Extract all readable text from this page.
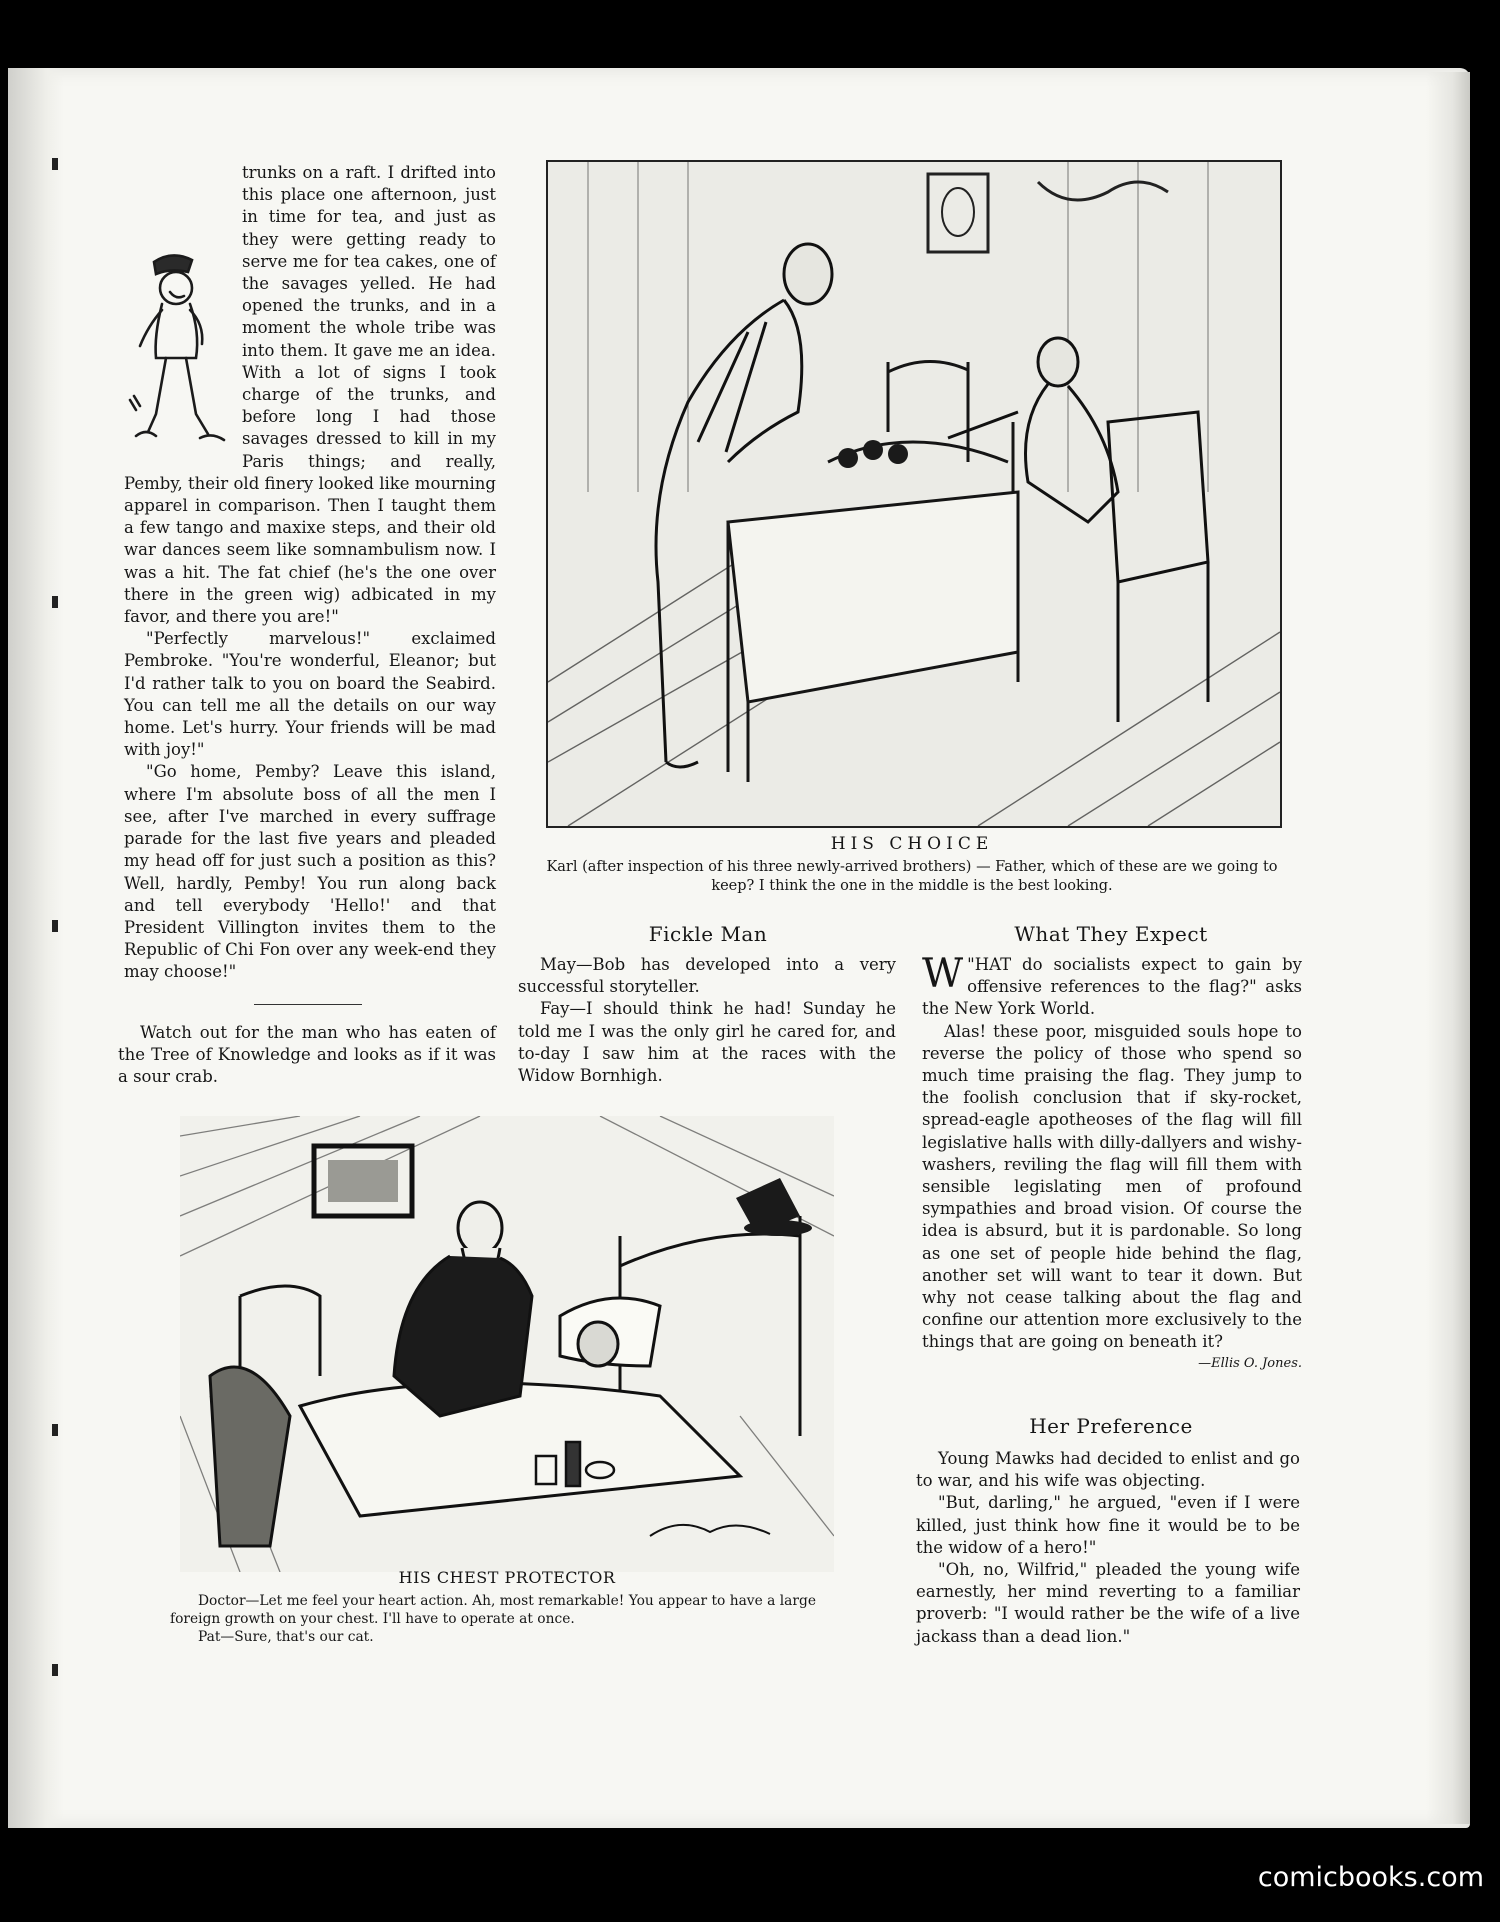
trunks on a raft. I drifted into this place one afternoon, just in time for tea, and just as they were getting ready to serve me for tea cakes, one of the savages yelled. He had opened the trunks, and in a moment the whole tribe was into them. It gave me an idea. With a lot of signs I took charge of the trunks, and before long I had those savages dressed to kill in my Paris things; and really, Pemby, their old finery looked like mourning apparel in comparison. Then I taught them a few tango and maxixe steps, and their old war dances seem like somnambulism now. I was a hit. The fat chief (he's the one over there in the green wig) adbicated in my favor, and there you are!"

"Perfectly marvelous!" exclaimed Pembroke. "You're wonderful, Eleanor; but I'd rather talk to you on board the Seabird. You can tell me all the details on our way home. Let's hurry. Your friends will be mad with joy!"

"Go home, Pemby? Leave this island, where I'm absolute boss of all the men I see, after I've marched in every suffrage parade for the last five years and pleaded my head off for just such a position as this? Well, hardly, Pemby! You run along back and tell everybody 'Hello!' and that President Villington invites them to the Republic of Chi Fon over any week-end they may choose!"

Watch out for the man who has eaten of the Tree of Knowledge and looks as if it was a sour crab.
HIS CHOICE
Karl (after inspection of his three newly-arrived brothers) — Father, which of these are we going to keep? I think the one in the middle is the best looking.
Fickle Man

May—Bob has developed into a very successful storyteller.

Fay—I should think he had! Sunday he told me I was the only girl he cared for, and to-day I saw him at the races with the Widow Bornhigh.

What They Expect

"
W HAT do socialists expect to gain by offensive references to the flag?" asks the New York World.

Alas! these poor, misguided souls hope to reverse the policy of those who spend so much time praising the flag. They jump to the foolish conclusion that if sky-rocket, spread-eagle apotheoses of the flag will fill legislative halls with dilly-dallyers and wishy-washers, reviling the flag will fill them with sensible legislating men of profound sympathies and broad vision. Of course the idea is absurd, but it is pardonable. So long as one set of people hide behind the flag, another set will want to tear it down. But why not cease talking about the flag and confine our attention more exclusively to the things that are going on beneath it?

—Ellis O. Jones.

Her Preference

Young Mawks had decided to enlist and go to war, and his wife was objecting.

"But, darling," he argued, "even if I were killed, just think how fine it would be to be the widow of a hero!"

"Oh, no, Wilfrid," pleaded the young wife earnestly, her mind reverting to a familiar proverb: "I would rather be the wife of a live jackass than a dead lion."

HIS CHEST PROTECTOR

Doctor—Let me feel your heart action. Ah, most remarkable! You appear to have a large foreign growth on your chest. I'll have to operate at once.

Pat—Sure, that's our cat.

comicbooks.com
